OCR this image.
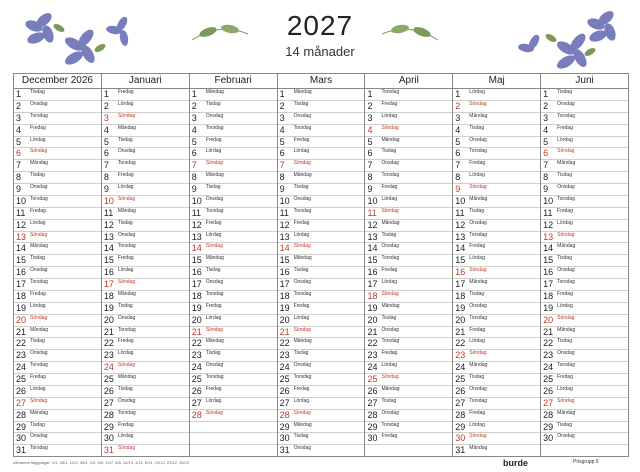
2027
14 månader
December 2026
1 Tisdag
2 Onsdag
3 Torsdag
4 Fredag
5 Lördag
6 Söndag
7 Måndag
8 Tisdag
9 Onsdag
10 Torsdag
11 Fredag
12 Lördag
13 Söndag
14 Måndag
15 Tisdag
16 Onsdag
17 Torsdag
18 Fredag
19 Lördag
20 Söndag
21 Måndag
22 Tisdag
23 Onsdag
24 Torsdag
25 Fredag
26 Lördag
27 Söndag
28 Måndag
29 Tisdag
30 Onsdag
31 Torsdag
Januari
1 Fredag
2 Lördag
3 Söndag
4 Måndag
5 Tisdag
6 Onsdag
7 Torsdag
8 Fredag
9 Lördag
10 Söndag
11 Måndag
12 Tisdag
13 Onsdag
14 Torsdag
15 Fredag
16 Lördag
17 Söndag
18 Måndag
19 Tisdag
20 Onsdag
21 Torsdag
22 Fredag
23 Lördag
24 Söndag
25 Måndag
26 Tisdag
27 Onsdag
28 Torsdag
29 Fredag
30 Lördag
31 Söndag
Februari
1 Måndag
2 Tisdag
3 Onsdag
4 Torsdag
5 Fredag
6 Lördag
7 Söndag
8 Måndag
9 Tisdag
10 Onsdag
11 Torsdag
12 Fredag
13 Lördag
14 Söndag
15 Måndag
16 Tisdag
17 Onsdag
18 Torsdag
19 Fredag
20 Lördag
21 Söndag
22 Måndag
23 Tisdag
24 Onsdag
25 Torsdag
26 Fredag
27 Lördag
28 Söndag
Mars
1 Måndag
2 Tisdag
3 Onsdag
4 Torsdag
5 Fredag
6 Lördag
7 Söndag
8 Måndag
9 Tisdag
10 Onsdag
11 Torsdag
12 Fredag
13 Lördag
14 Söndag
15 Måndag
16 Tisdag
17 Onsdag
18 Torsdag
19 Fredag
20 Lördag
21 Söndag
22 Måndag
23 Tisdag
24 Onsdag
25 Torsdag
26 Fredag
27 Lördag
28 Söndag
29 Måndag
30 Tisdag
31 Onsdag
April
1 Torsdag
2 Fredag
3 Lördag
4 Söndag
5 Måndag
6 Tisdag
7 Onsdag
8 Torsdag
9 Fredag
10 Lördag
11 Söndag
12 Måndag
13 Tisdag
14 Onsdag
15 Torsdag
16 Fredag
17 Lördag
18 Söndag
19 Måndag
20 Tisdag
21 Onsdag
22 Torsdag
23 Fredag
24 Lördag
25 Söndag
26 Måndag
27 Tisdag
28 Onsdag
29 Torsdag
30 Fredag
Maj
1 Lördag
2 Söndag
3 Måndag
4 Tisdag
5 Onsdag
6 Torsdag
7 Fredag
8 Lördag
9 Söndag
10 Måndag
11 Tisdag
12 Onsdag
13 Torsdag
14 Fredag
15 Lördag
16 Söndag
17 Måndag
18 Tisdag
19 Onsdag
20 Torsdag
21 Fredag
22 Lördag
23 Söndag
24 Måndag
25 Tisdag
26 Onsdag
27 Torsdag
28 Fredag
29 Lördag
30 Söndag
31 Måndag
Juni
1 Tisdag
2 Onsdag
3 Torsdag
4 Fredag
5 Lördag
6 Söndag
7 Måndag
8 Tisdag
9 Onsdag
10 Torsdag
11 Fredag
12 Lördag
13 Söndag
14 Måndag
15 Tisdag
16 Onsdag
17 Torsdag
18 Fredag
19 Lördag
20 Söndag
21 Måndag
22 Tisdag
23 Onsdag
24 Torsdag
25 Fredag
26 Lördag
27 Söndag
28 Måndag
29 Tisdag
30 Onsdag
Allmänna flaggdagar: 1/1, 28/1, 12/3, 30/4, 1/5, 6/6, 14/7, 8/8, 24/10, 4/11, 6/11, 10/12, 23/12, 25/12	burde	Prisgrupp 9
